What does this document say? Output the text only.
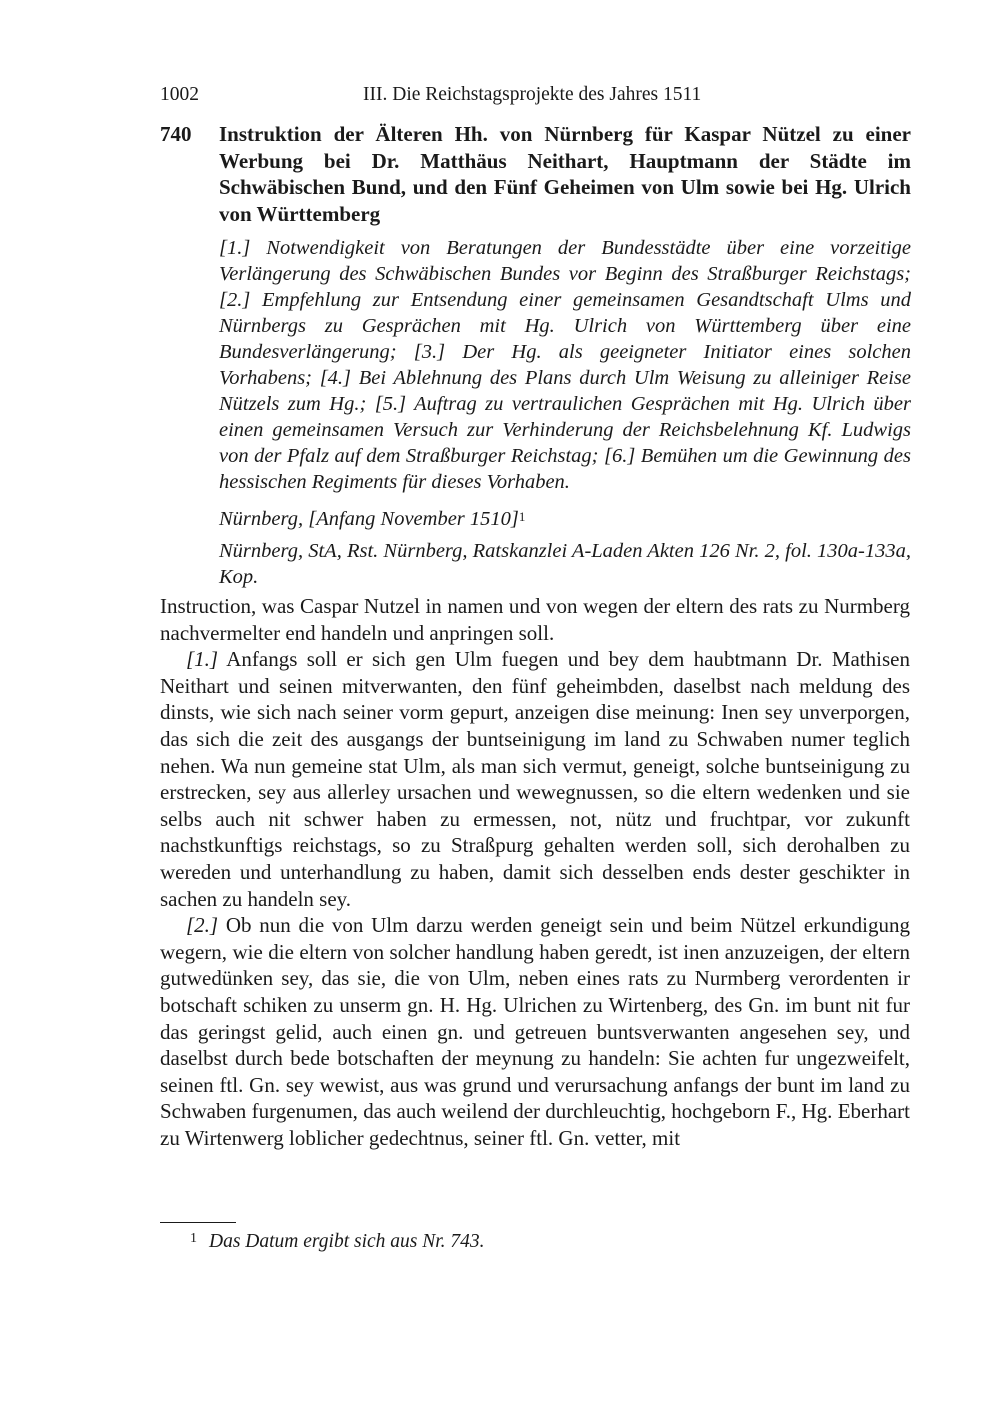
1002	III. Die Reichstagsprojekte des Jahres 1511
740 Instruktion der Älteren Hh. von Nürnberg für Kaspar Nützel zu einer Werbung bei Dr. Matthäus Neithart, Hauptmann der Städte im Schwäbischen Bund, und den Fünf Geheimen von Ulm sowie bei Hg. Ulrich von Württemberg
[1.] Notwendigkeit von Beratungen der Bundesstädte über eine vorzeitige Verlängerung des Schwäbischen Bundes vor Beginn des Straßburger Reichstags; [2.] Empfehlung zur Entsendung einer gemeinsamen Gesandtschaft Ulms und Nürnbergs zu Gesprächen mit Hg. Ulrich von Württemberg über eine Bundesverlängerung; [3.] Der Hg. als geeigneter Initiator eines solchen Vorhabens; [4.] Bei Ablehnung des Plans durch Ulm Weisung zu alleiniger Reise Nützels zum Hg.; [5.] Auftrag zu vertraulichen Gesprächen mit Hg. Ulrich über einen gemeinsamen Versuch zur Verhinderung der Reichsbelehnung Kf. Ludwigs von der Pfalz auf dem Straßburger Reichstag; [6.] Bemühen um die Gewinnung des hessischen Regiments für dieses Vorhaben.
Nürnberg, [Anfang November 1510]$^1$
Nürnberg, StA, Rst. Nürnberg, Ratskanzlei A-Laden Akten 126 Nr. 2, fol. 130a-133a, Kop.

Instruction, was Caspar Nutzel in namen und von wegen der eltern des rats zu Nurmberg nachvermelter end handeln und anpringen soll.

[1.] Anfangs soll er sich gen Ulm fuegen und bey dem haubtmann Dr. Mathisen Neithart und seinen mitverwanten, den fünf geheimbden, daselbst nach meldung des dinsts, wie sich nach seiner vorm gepurt, anzeigen dise meinung: Inen sey unverporgen, das sich die zeit des ausgangs der buntseinigung im land zu Schwaben numer teglich nehen. Wa nun gemeine stat Ulm, als man sich vermut, geneigt, solche buntseinigung zu erstrecken, sey aus allerley ursachen und wewegnussen, so die eltern wedenken und sie selbs auch nit schwer haben zu ermessen, not, nütz und fruchtpar, vor zukunft nachstkunftigs reichstags, so zu Straßpurg gehalten werden soll, sich derohalben zu wereden und unterhandlung zu haben, damit sich desselben ends dester geschikter in sachen zu handeln sey.

[2.] Ob nun die von Ulm darzu werden geneigt sein und beim Nützel erkundigung wegern, wie die eltern von solcher handlung haben geredt, ist inen anzuzeigen, der eltern gutwedünken sey, das sie, die von Ulm, neben eines rats zu Nurmberg verordenten ir botschaft schiken zu unserm gn. H. Hg. Ulrichen zu Wirtenberg, des Gn. im bunt nit fur das geringst gelid, auch einen gn. und getreuen buntsverwanten angesehen sey, und daselbst durch bede botschaften der meynung zu handeln: Sie achten fur ungezweifelt, seinen ftl. Gn. sey wewist, aus was grund und verursachung anfangs der bunt im land zu Schwaben furgenumen, das auch weilend der durchleuchtig, hochgeborn F., Hg. Eberhart zu Wirtenwerg loblicher gedechtnus, seiner ftl. Gn. vetter, mit

1 Das Datum ergibt sich aus Nr. 743.
